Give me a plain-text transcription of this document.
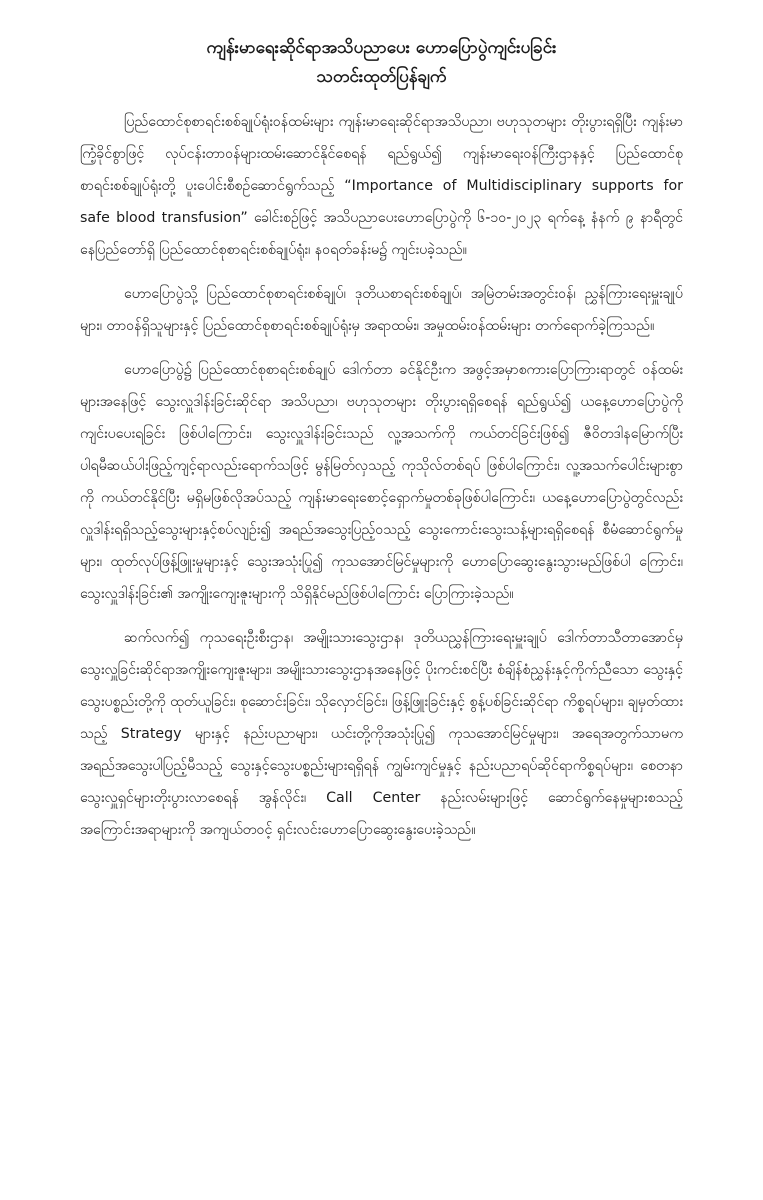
ကျန်းမာရေးဆိုင်ရာအသိပညာပေး ဟောပြောပွဲကျင်းပခြင်း

သတင်းထုတ်ပြန်ချက်

ပြည်ထောင်စုစာရင်းစစ်ချုပ်ရုံးဝန်ထမ်းများ ကျန်းမာရေးဆိုင်ရာအသိပညာ၊ ဗဟုသုတများ တိုးပွားရရှိပြီး ကျန်းမာကြံ့ခိုင်စွာဖြင့် လုပ်ငန်းတာဝန်များထမ်းဆောင်နိုင်စေရန် ရည်ရွယ်၍ ကျန်းမာရေးဝန်ကြီးဌာနနှင့် ပြည်ထောင်စုစာရင်းစစ်ချုပ်ရုံးတို့ ပူးပေါင်းစီစဉ်ဆောင်ရွက်သည့် “Importance of Multidisciplinary supports for safe blood transfusion” ခေါင်းစဉ်ဖြင့် အသိပညာပေးဟောပြောပွဲကို ၆-၁၀-၂၀၂၃ ရက်နေ့ နံနက် ၉ နာရီတွင် နေပြည်တော်ရှိ ပြည်ထောင်စုစာရင်းစစ်ချုပ်ရုံး၊ နဝရတ်ခန်းမ၌ ကျင်းပခဲ့သည်။

ဟောပြောပွဲသို့ ပြည်ထောင်စုစာရင်းစစ်ချုပ်၊ ဒုတိယစာရင်းစစ်ချုပ်၊ အမြဲတမ်းအတွင်းဝန်၊ ညွှန်ကြားရေးမှူးချုပ်များ၊ တာဝန်ရှိသူများနှင့် ပြည်ထောင်စုစာရင်းစစ်ချုပ်ရုံးမှ အရာထမ်း၊ အမှုထမ်းဝန်ထမ်းများ တက်ရောက်ခဲ့ကြသည်။

ဟောပြောပွဲ၌ ပြည်ထောင်စုစာရင်းစစ်ချုပ် ဒေါက်တာ ခင်နိုင်ဦးက အဖွင့်အမှာစကားပြောကြားရာတွင် ဝန်ထမ်းများအနေဖြင့် သွေးလှူဒါန်းခြင်းဆိုင်ရာ အသိပညာ၊ ဗဟုသုတများ တိုးပွားရရှိစေရန် ရည်ရွယ်၍ ယနေ့ဟောပြောပွဲကို ကျင်းပပေးရခြင်း ဖြစ်ပါကြောင်း၊ သွေးလှူဒါန်းခြင်းသည် လူ့အသက်ကို ကယ်တင်ခြင်းဖြစ်၍ ဇီဝိတဒါနမြောက်ပြီး ပါရမီဆယ်ပါးဖြည့်ကျင့်ရာလည်းရောက်သဖြင့် မွန်မြတ်လှသည့် ကုသိုလ်တစ်ရပ် ဖြစ်ပါကြောင်း၊ လူ့အသက်ပေါင်းများစွာကို ကယ်တင်နိုင်ပြီး မရှိမဖြစ်လိုအပ်သည့် ကျန်းမာရေးစောင့်ရှောက်မှုတစ်ခုဖြစ်ပါကြောင်း၊ ယနေ့ဟောပြောပွဲတွင်လည်း လှူဒါန်းရရှိသည့်သွေးများနှင့်စပ်လျဉ်း၍ အရည်အသွေးပြည့်ဝသည့် သွေးကောင်းသွေးသန့်များရရှိစေရန် စီမံဆောင်ရွက်မှုများ၊ ထုတ်လုပ်ဖြန့်ဖြူးမှုများနှင့် သွေးအသုံးပြု၍ ကုသအောင်မြင်မှုများကို ဟောပြောဆွေးနွေးသွားမည်ဖြစ်ပါ ကြောင်း၊ သွေးလှူဒါန်းခြင်း၏ အကျိုးကျေးဇူးများကို သိရှိနိုင်မည်ဖြစ်ပါကြောင်း ပြောကြားခဲ့သည်။

ဆက်လက်၍ ကုသရေးဦးစီးဌာန၊ အမျိုးသားသွေးဌာန၊ ဒုတိယညွှန်ကြားရေးမှူးချုပ် ဒေါက်တာသီတာအောင်မှ သွေးလှူခြင်းဆိုင်ရာအကျိုးကျေးဇူးများ၊ အမျိုးသားသွေးဌာနအနေဖြင့် ပိုးကင်းစင်ပြီး စံချိန်စံညွှန်းနှင့်ကိုက်ညီသော သွေးနှင့်သွေးပစ္စည်းတို့ကို ထုတ်ယူခြင်း၊ စုဆောင်းခြင်း၊ သိုလှောင်ခြင်း၊ ဖြန့်ဖြူးခြင်းနှင့် စွန့်ပစ်ခြင်းဆိုင်ရာ ကိစ္စရပ်များ၊ ချမှတ်ထားသည့် Strategy များနှင့် နည်းပညာများ၊ ယင်းတို့ကိုအသုံးပြု၍ ကုသအောင်မြင်မှုများ၊ အရေအတွက်သာမက အရည်အသွေးပါပြည့်မီသည့် သွေးနှင့်သွေးပစ္စည်းများရရှိရန် ကျွမ်းကျင်မှုနှင့် နည်းပညာရပ်ဆိုင်ရာကိစ္စရပ်များ၊ စေတနာသွေးလှူရှင်များတိုးပွားလာစေရန် အွန်လိုင်း၊ Call Center နည်းလမ်းများဖြင့် ဆောင်ရွက်နေမှုများစသည့် အကြောင်းအရာများကို အကျယ်တဝင့် ရှင်းလင်းဟောပြောဆွေးနွေးပေးခဲ့သည်။
